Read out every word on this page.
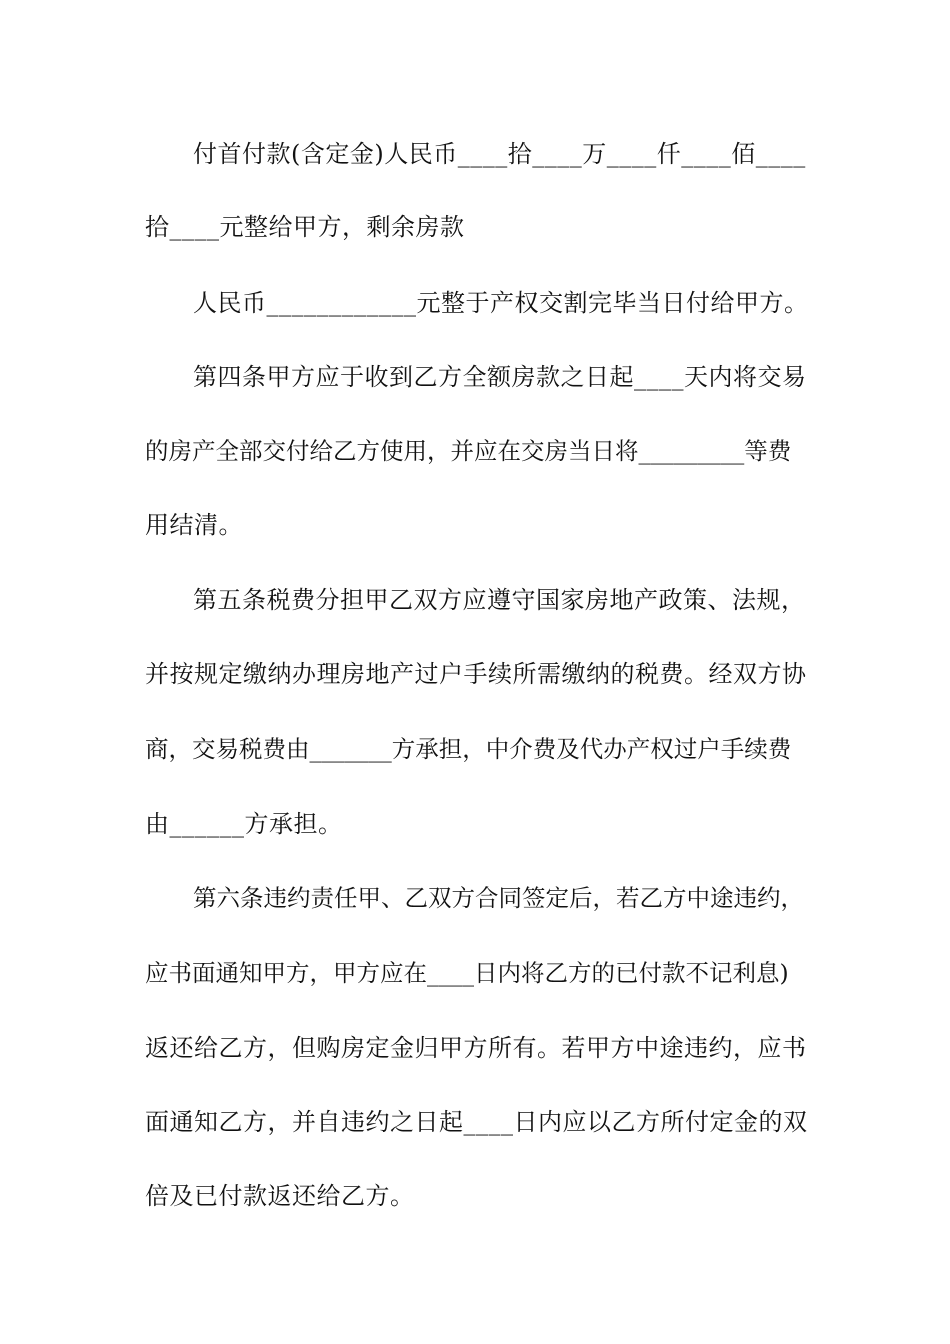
付首付款(含定金)人民币____拾____万____仟____佰____
拾____元整给甲方，剩余房款
人民币____________元整于产权交割完毕当日付给甲方。
第四条甲方应于收到乙方全额房款之日起____天内将交易
的房产全部交付给乙方使用，并应在交房当日将_________等费
用结清。
第五条税费分担甲乙双方应遵守国家房地产政策、法规，
并按规定缴纳办理房地产过户手续所需缴纳的税费。经双方协
商，交易税费由_______方承担，中介费及代办产权过户手续费
由______方承担。
第六条违约责任甲、乙双方合同签定后，若乙方中途违约，
应书面通知甲方，甲方应在____日内将乙方的已付款不记利息)
返还给乙方，但购房定金归甲方所有。若甲方中途违约，应书
面通知乙方，并自违约之日起____日内应以乙方所付定金的双
倍及已付款返还给乙方。
